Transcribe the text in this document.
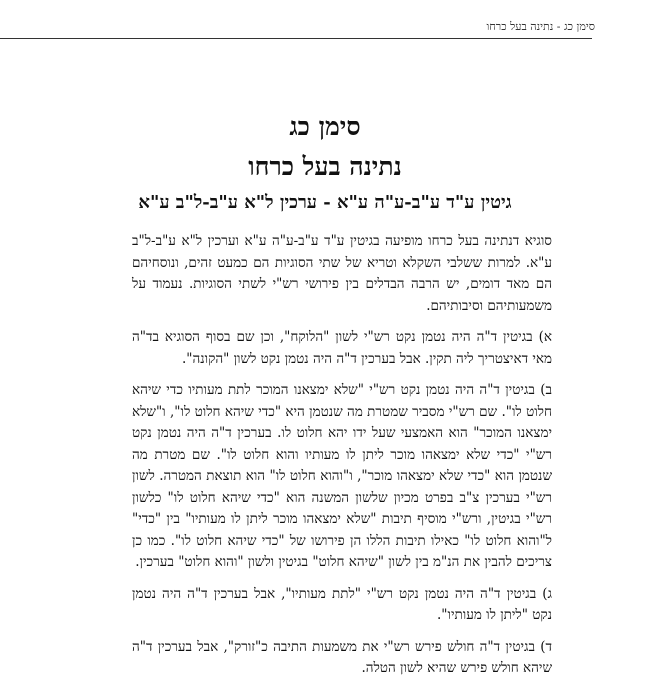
סימן כג - נתינה בעל כרחו
סימן כג
נתינה בעל כרחו
גיטין ע"ד ע"ב-ע"ה ע"א - ערכין ל"א ע"ב-ל"ב ע"א

סוגיא דנתינה בעל כרחו מופיעה בגיטין ע"ד ע"ב-ע"ה ע"א וערכין ל"א ע"ב-ל"ב ע"א. למרות ששלבי השקלא וטריא של שתי הסוגיות הם כמעט זהים, ונוסחיהם הם מאד דומים, יש הרבה הבדלים בין פירושי רש"י לשתי הסוגיות. נעמוד על משמעותיהם וסיבותיהם.

א) בגיטין ד"ה היה נטמן נקט רש"י לשון "הלוקח", וכן שם בסוף הסוגיא בד"ה מאי דאיצטריך ליה תקין. אבל בערכין ד"ה היה נטמן נקט לשון "הקונה".

ב) בגיטין ד"ה היה נטמן נקט רש"י "שלא ימצאנו המוכר לתת מעותיו כדי שיהא חלוט לו". שם רש"י מסביר שמטרת מה שנטמן היא "כדי שיהא חלוט לו", ו"שלא ימצאנו המוכר" הוא האמצעי שעל ידו יהא חלוט לו. בערכין ד"ה היה נטמן נקט רש"י "כדי שלא ימצאהו מוכר ליתן לו מעותיו והוא חלוט לו". שם מטרת מה שנטמן הוא "כדי שלא ימצאהו מוכר", ו"והוא חלוט לו" הוא תוצאת המטרה. לשון רש"י בערכין צ"ב בפרט מכיון שלשון המשנה הוא "כדי שיהא חלוט לו" כלשון רש"י בגיטין, ורש"י מוסיף תיבות "שלא ימצאהו מוכר ליתן לו מעותיו" בין "כדי" ל"והוא חלוט לו" כאילו תיבות הללו הן פירושו של "כדי שיהא חלוט לו". כמו כן צריכים להבין את הנ"מ בין לשון "שיהא חלוט" בגיטין ולשון "והוא חלוט" בערכין.

ג) בגיטין ד"ה היה נטמן נקט רש"י "לתת מעותיו", אבל בערכין ד"ה היה נטמן נקט "ליתן לו מעותיו".

ד) בגיטין ד"ה חולש פירש רש"י את משמעות התיבה כ"זורק", אבל בערכין ד"ה שיהא חולש פירש שהיא לשון הטלה.
